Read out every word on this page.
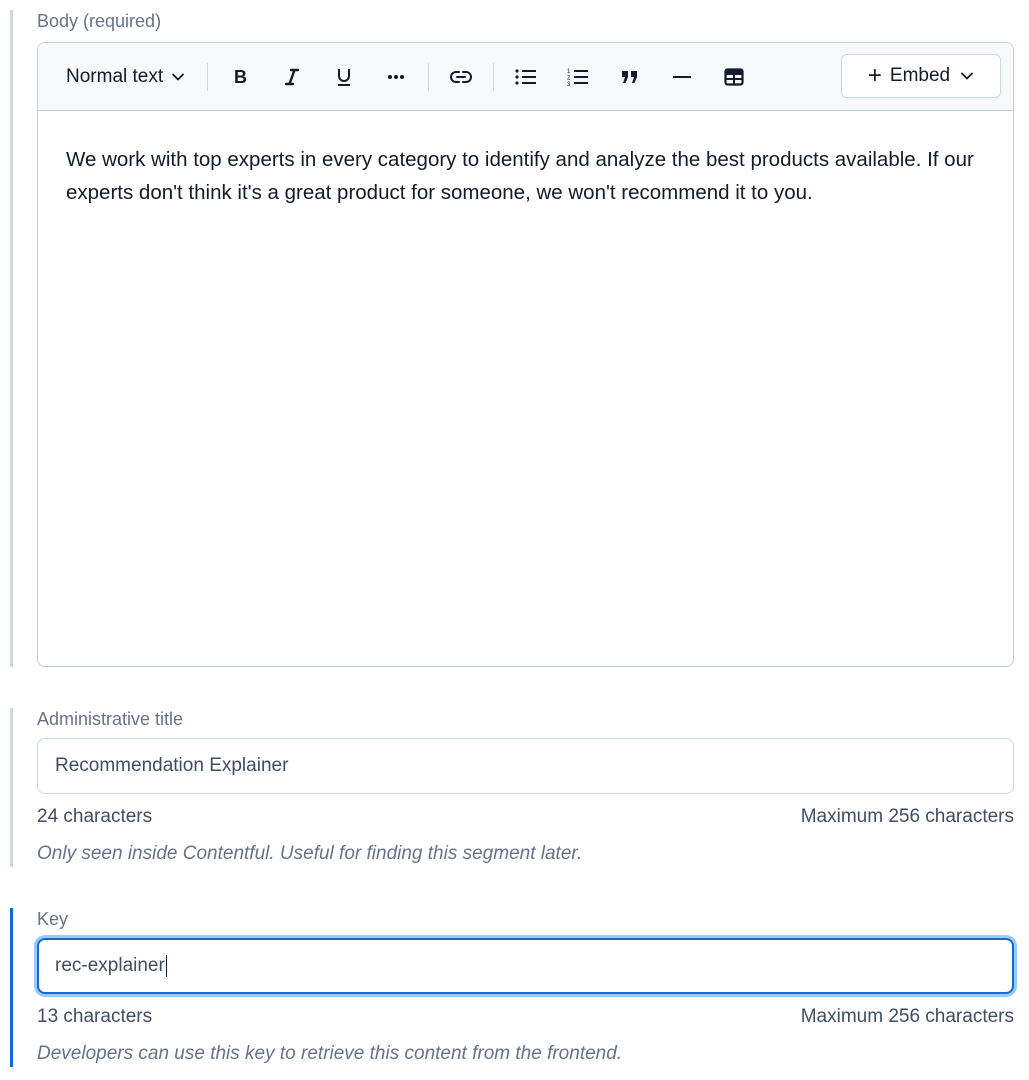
Body (required)
Normal text	B	1
2
3	+ Embed

We work with top experts in every category to identify and analyze the best products available. If our experts don't think it's a great product for someone, we won't recommend it to you.

Administrative title
Recommendation Explainer
24 characters	Maximum 256 characters
Only seen inside Contentful. Useful for finding this segment later.
Key
rec-explainer
13 characters	Maximum 256 characters
Developers can use this key to retrieve this content from the frontend.
